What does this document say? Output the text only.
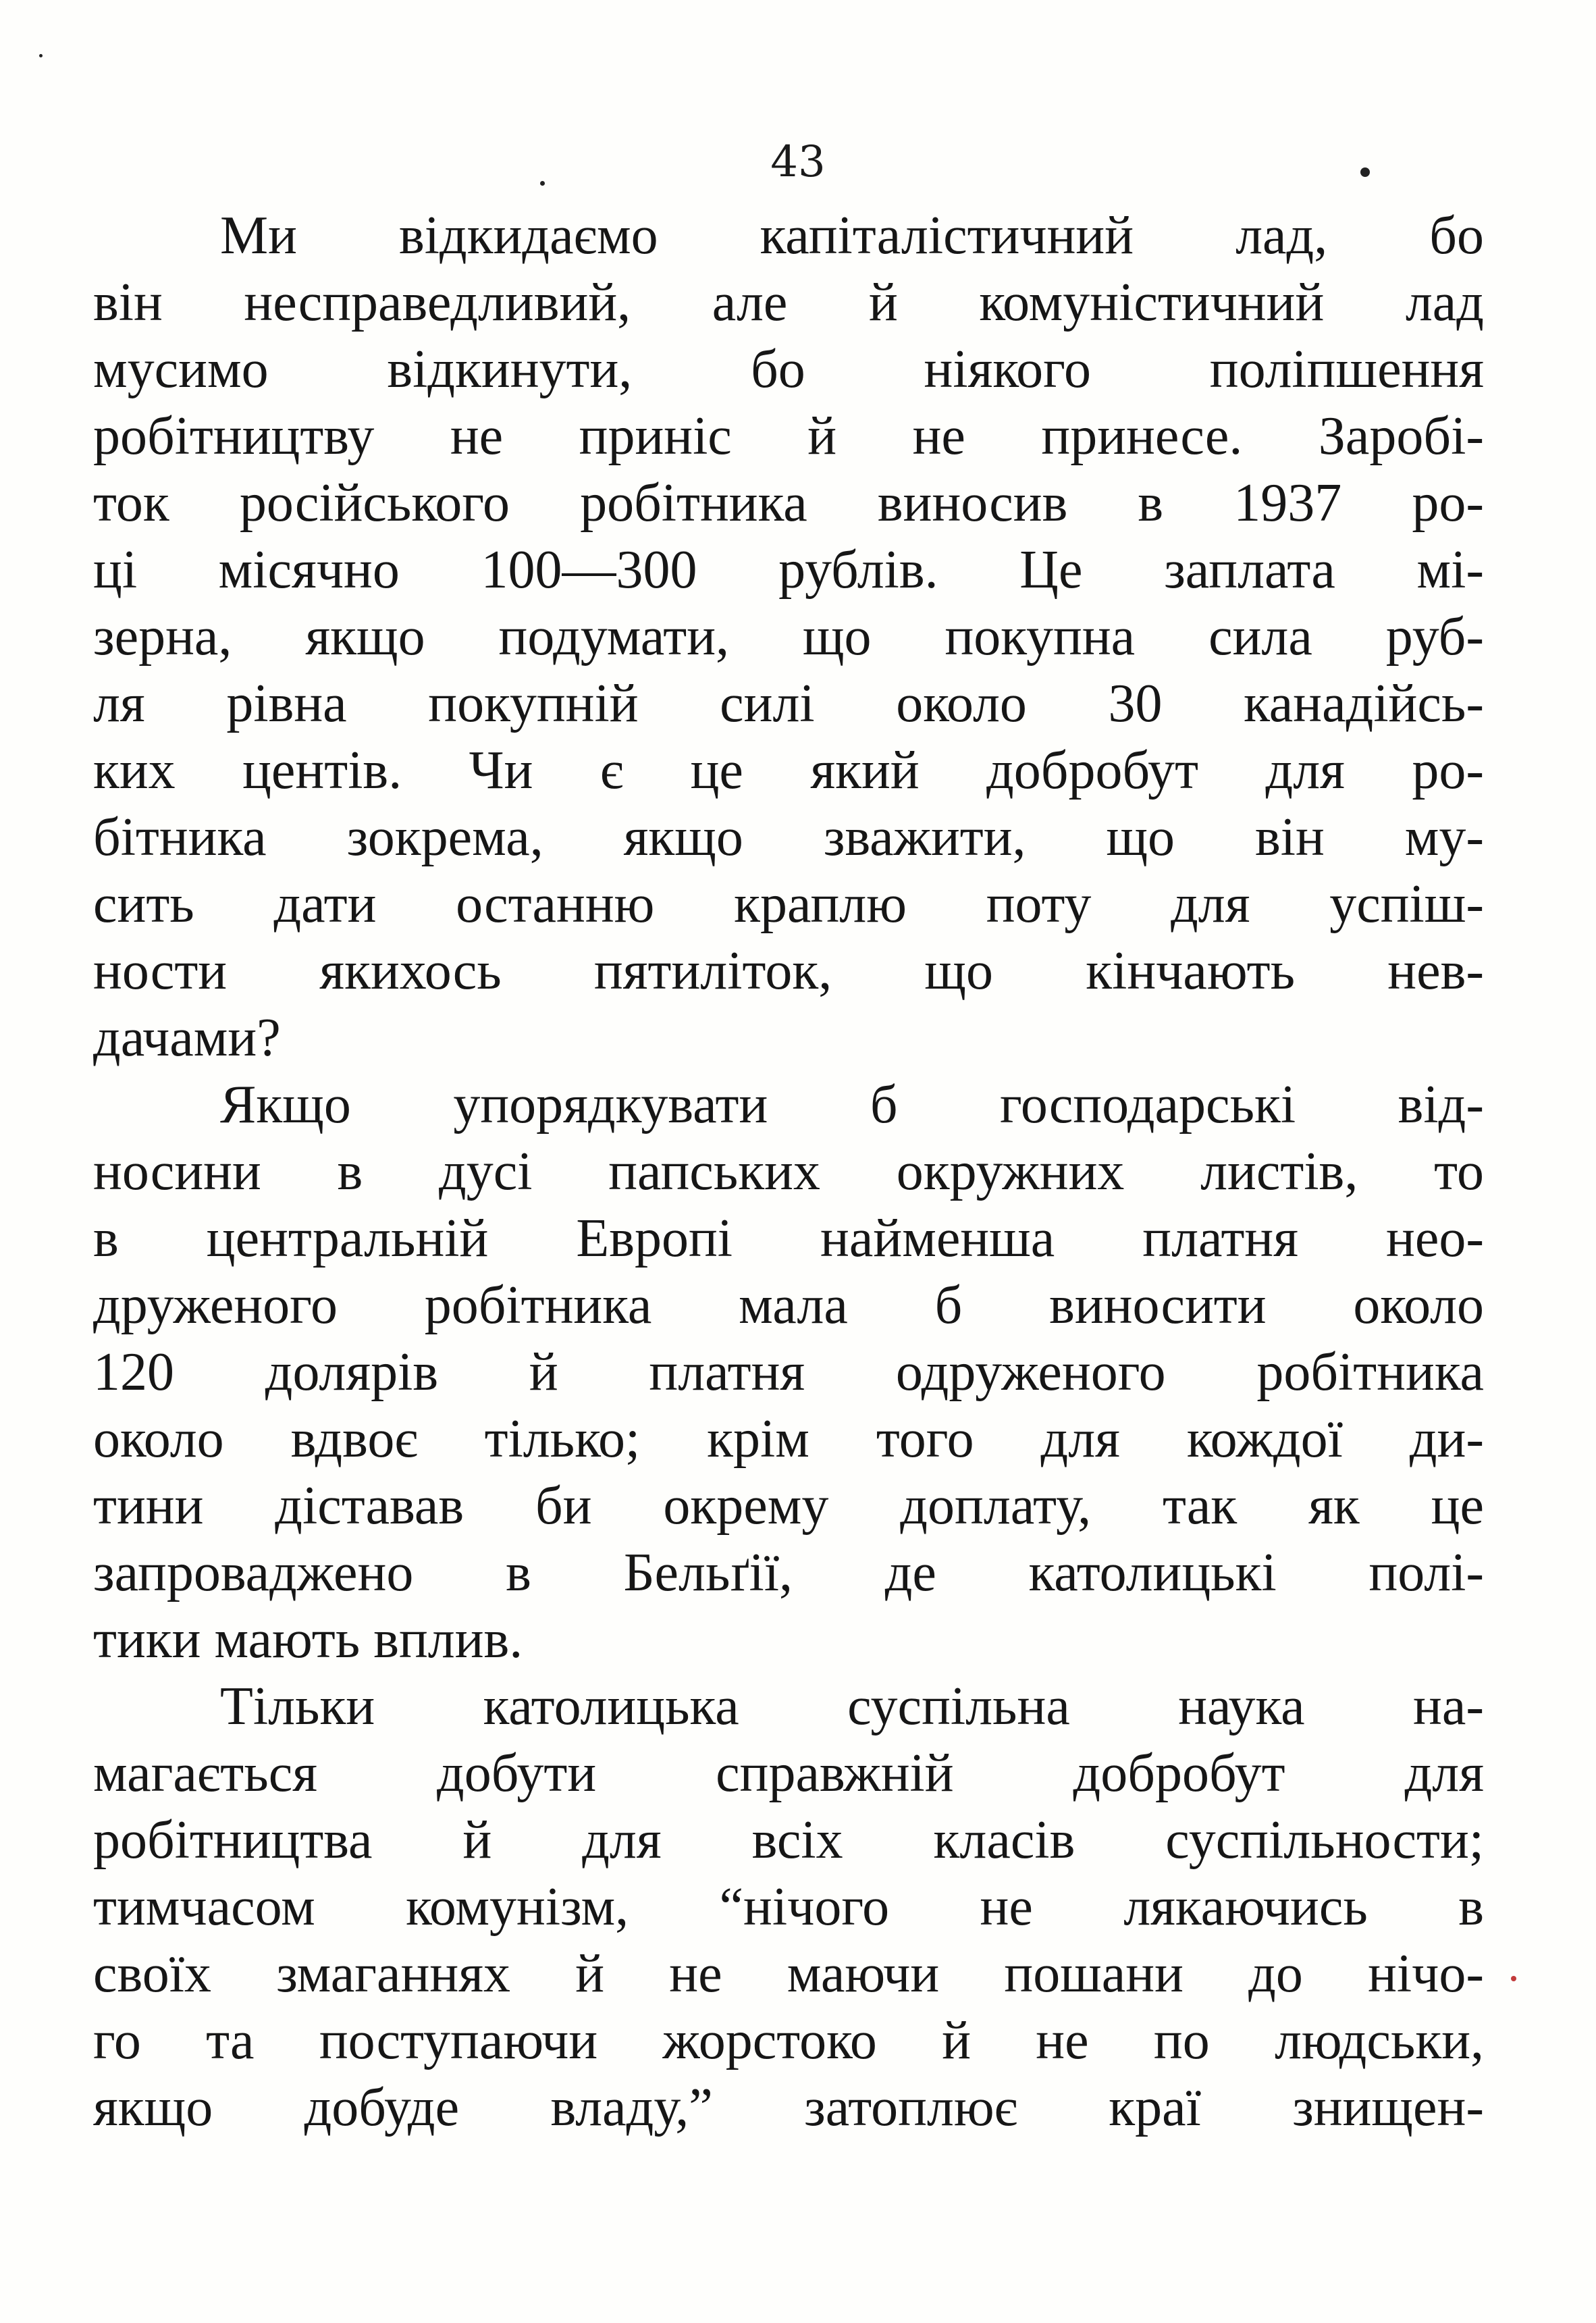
43
Ми відкидаємо капіталістичний лад, бо
він несправедливий, але й комуністичний лад
мусимо відкинути, бо ніякого поліпшення
робітництву не приніс й не принесе. Заробі-
ток російського робітника виносив в 1937 ро-
ці місячно 100—300 рублів. Це заплата мі-
зерна, якщо подумати, що покупна сила руб-
ля рівна покупній силі около 30 канадійсь-
ких центів. Чи є це який добробут для ро-
бітника зокрема, якщо зважити, що він му-
сить дати останню краплю поту для успіш-
ности якихось пятиліток, що кінчають нев-
дачами?
Якщо упорядкувати б господарські від-
носини в дусі папських окружних листів, то
в центральній Европі найменша платня нео-
друженого робітника мала б виносити около
120 долярів й платня одруженого робітника
около вдвоє тілько; крім того для кождої ди-
тини діставав би окрему доплату, так як це
запроваджено в Бельґії, де католицькі полі-
тики мають вплив.
Тільки католицька суспільна наука на-
магається добути справжній добробут для
робітництва й для всіх класів суспільности;
тимчасом комунізм, “нічого не лякаючись в
своїх змаганнях й не маючи пошани до нічо-
го та поступаючи жорстоко й не по людськи,
якщо добуде владу,” затоплює краї знищен-
